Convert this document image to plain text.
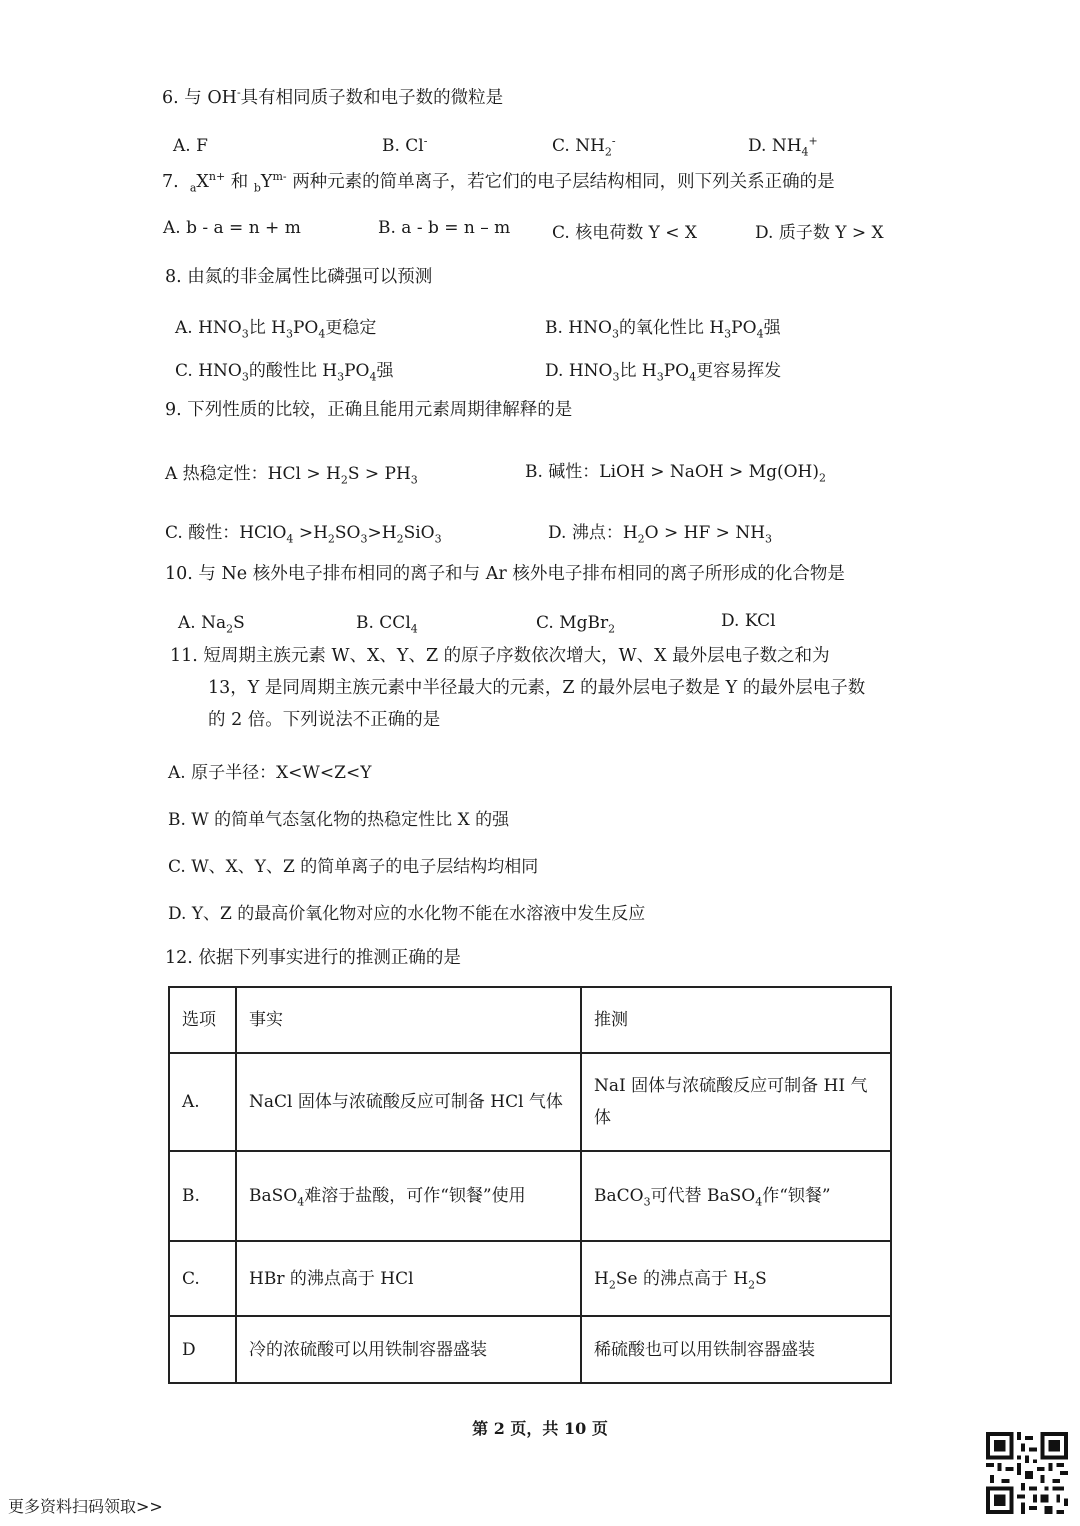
6. 与 OH-具有相同质子数和电子数的微粒是
A. F	B. Cl-	C. $NH_2^-$	D. $NH_4^+$
7. $_aX^{n+}$ 和 $_bY^{m-}$ 两种元素的简单离子，若它们的电子层结构相同，则下列关系正确的是
A. b - a = n + m	B. a - b = n – m C. 核电荷数 Y < X	D. 质子数 Y > X
8. 由氮的非金属性比磷强可以预测
A. $HNO_3$比 $H_3PO_4$更稳定	B. $HNO_3$的氧化性比 $H_3PO_4$强
C. $HNO_3$的酸性比 $H_3PO_4$强	D. $HNO_3$比 $H_3PO_4$更容易挥发
9. 下列性质的比较，正确且能用元素周期律解释的是
A 热稳定性：HCl > $H_2S > PH_3$	B. 碱性：LiOH > NaOH > $Mg(OH)_2$
C. 酸性：HClO$_4$ $>H_2SO_3>H_2SiO_3$	D. 沸点：$H_2O$ > HF > $NH_3$
10. 与 Ne 核外电子排布相同的离子和与 Ar 核外电子排布相同的离子所形成的化合物是
A. $Na_2S$	B. CCl$_4$	C. MgBr$_2$	D. KCl
11. 短周期主族元素 W、X、Y、Z 的原子序数依次增大，W、X 最外层电子数之和为
13，Y 是同周期主族元素中半径最大的元素，Z 的最外层电子数是 Y 的最外层电子数
的 2 倍。下列说法不正确的是
A. 原子半径：X<W<Z<Y
B. W 的简单气态氢化物的热稳定性比 X 的强
C. W、X、Y、Z 的简单离子的电子层结构均相同
D. Y、Z 的最高价氧化物对应的水化物不能在水溶液中发生反应
12. 依据下列事实进行的推测正确的是
选项	事实	推测
A.	NaCl 固体与浓硫酸反应可制备 HCl 气体	NaI 固体与浓硫酸反应可制备 HI 气体
B.	BaSO$_4$难溶于盐酸，可作“钡餐”使用	BaCO$_3$可代替 BaSO$_4$作“钡餐”
C.	HBr 的沸点高于 HCl	$H_2Se$ 的沸点高于 $H_2S$
D	冷的浓硫酸可以用铁制容器盛装	稀硫酸也可以用铁制容器盛装
第 2 页，共 10 页
更多资料扫码领取>>
